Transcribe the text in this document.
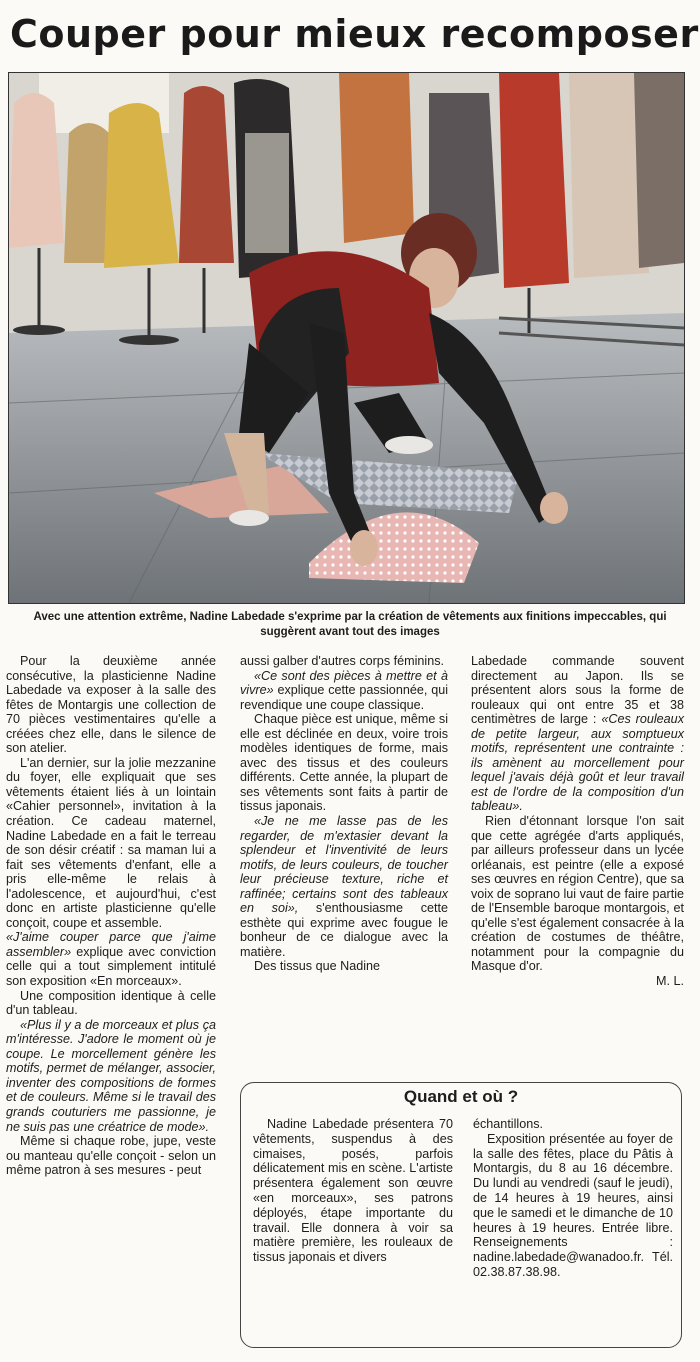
Couper pour mieux recomposer
Avec une attention extrême, Nadine Labedade s'exprime par la création de vêtements aux finitions impeccables, qui suggèrent avant tout des images

Pour la deuxième année consécutive, la plasticienne Nadine Labedade va exposer à la salle des fêtes de Montargis une collection de 70 pièces vestimentaires qu'elle a créées chez elle, dans le silence de son atelier.

L'an dernier, sur la jolie mezzanine du foyer, elle expliquait que ses vêtements étaient liés à un lointain «Cahier personnel», invitation à la création. Ce cadeau maternel, Nadine Labedade en a fait le terreau de son désir créatif : sa maman lui a fait ses vêtements d'enfant, elle a pris elle-même le relais à l'adolescence, et aujourd'hui, c'est donc en artiste plasticienne qu'elle conçoit, coupe et assemble.

«J'aime couper parce que j'aime assembler» explique avec conviction celle qui a tout simplement intitulé son exposition «En morceaux».

Une composition identique à celle d'un tableau.

«Plus il y a de morceaux et plus ça m'intéresse. J'adore le moment où je coupe. Le morcellement génère les motifs, permet de mélanger, associer, inventer des compositions de formes et de couleurs. Même si le travail des grands couturiers me passionne, je ne suis pas une créatrice de mode».

Même si chaque robe, jupe, veste ou manteau qu'elle conçoit - selon un même patron à ses mesures - peut

aussi galber d'autres corps féminins.

«Ce sont des pièces à mettre et à vivre» explique cette passionnée, qui revendique une coupe classique.

Chaque pièce est unique, même si elle est déclinée en deux, voire trois modèles identiques de forme, mais avec des tissus et des couleurs différents. Cette année, la plupart de ses vêtements sont faits à partir de tissus japonais.

«Je ne me lasse pas de les regarder, de m'extasier devant la splendeur et l'inventivité de leurs motifs, de leurs couleurs, de toucher leur précieuse texture, riche et raffinée; certains sont des tableaux en soi», s'enthousiasme cette esthète qui exprime avec fougue le bonheur de ce dialogue avec la matière.

Des tissus que Nadine

Labedade commande souvent directement au Japon. Ils se présentent alors sous la forme de rouleaux qui ont entre 35 et 38 centimètres de large : «Ces rouleaux de petite largeur, aux somptueux motifs, représentent une contrainte : ils amènent au morcellement pour lequel j'avais déjà goût et leur travail est de l'ordre de la composition d'un tableau».

Rien d'étonnant lorsque l'on sait que cette agrégée d'arts appliqués, par ailleurs professeur dans un lycée orléanais, est peintre (elle a exposé ses œuvres en région Centre), que sa voix de soprano lui vaut de faire partie de l'Ensemble baroque montargois, et qu'elle s'est également consacrée à la création de costumes de théâtre, notamment pour la compagnie du Masque d'or.

M. L.

Quand et où ?

Nadine Labedade présentera 70 vêtements, suspendus à des cimaises, posés, parfois délicatement mis en scène. L'artiste présentera également son œuvre «en morceaux», ses patrons déployés, étape importante du travail. Elle donnera à voir sa matière première, les rouleaux de tissus japonais et divers

échantillons.

Exposition présentée au foyer de la salle des fêtes, place du Pâtis à Montargis, du 8 au 16 décembre. Du lundi au vendredi (sauf le jeudi), de 14 heures à 19 heures, ainsi que le samedi et le dimanche de 10 heures à 19 heures. Entrée libre. Renseignements : nadine.labedade@wanadoo.fr. Tél. 02.38.87.38.98.
